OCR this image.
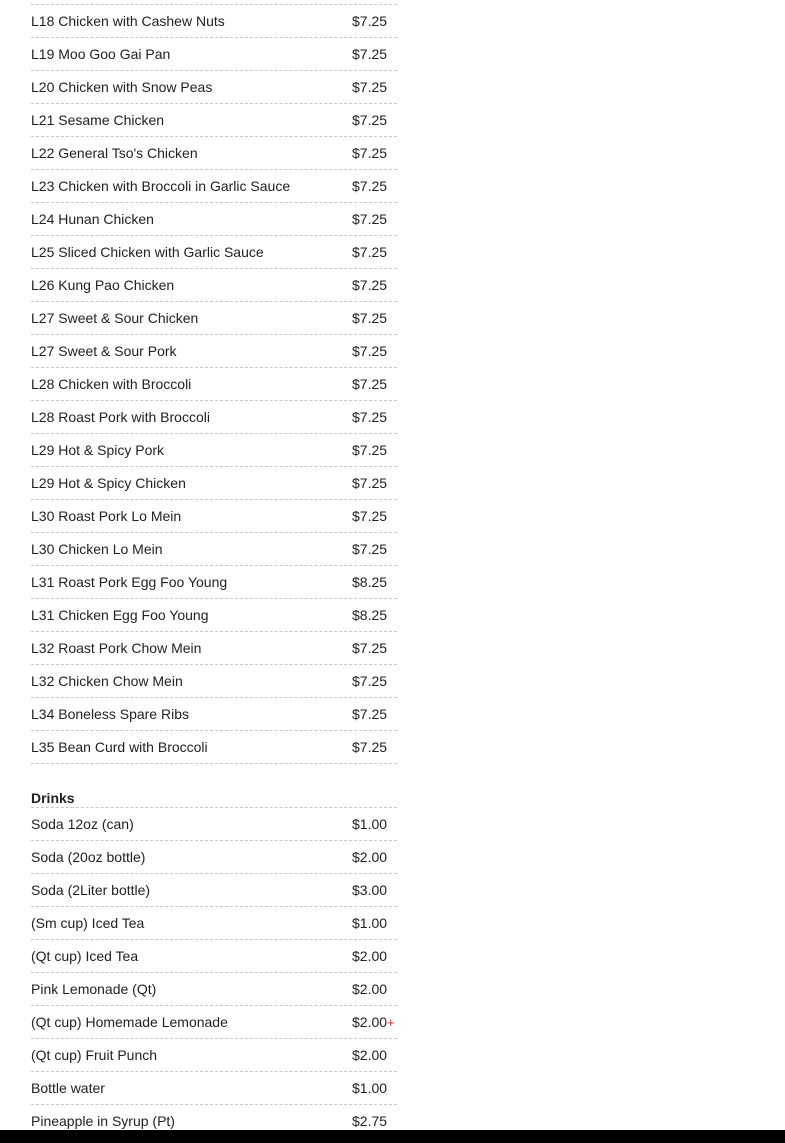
L18 Chicken with Cashew Nuts	$7.25
L19 Moo Goo Gai Pan	$7.25
L20 Chicken with Snow Peas	$7.25
L21 Sesame Chicken	$7.25
L22 General Tso's Chicken	$7.25
L23 Chicken with Broccoli in Garlic Sauce	$7.25
L24 Hunan Chicken	$7.25
L25 Sliced Chicken with Garlic Sauce	$7.25
L26 Kung Pao Chicken	$7.25
L27 Sweet & Sour Chicken	$7.25
L27 Sweet & Sour Pork	$7.25
L28 Chicken with Broccoli	$7.25
L28 Roast Pork with Broccoli	$7.25
L29 Hot & Spicy Pork	$7.25
L29 Hot & Spicy Chicken	$7.25
L30 Roast Pork Lo Mein	$7.25
L30 Chicken Lo Mein	$7.25
L31 Roast Pork Egg Foo Young	$8.25
L31 Chicken Egg Foo Young	$8.25
L32 Roast Pork Chow Mein	$7.25
L32 Chicken Chow Mein	$7.25
L34 Boneless Spare Ribs	$7.25
L35 Bean Curd with Broccoli	$7.25
Drinks
Soda 12oz (can)	$1.00
Soda (20oz bottle)	$2.00
Soda (2Liter bottle)	$3.00
(Sm cup) Iced Tea	$1.00
(Qt cup) Iced Tea	$2.00
Pink Lemonade (Qt)	$2.00
(Qt cup) Homemade Lemonade	$2.00+
(Qt cup) Fruit Punch	$2.00
Bottle water	$1.00
Pineapple in Syrup (Pt)	$2.75
